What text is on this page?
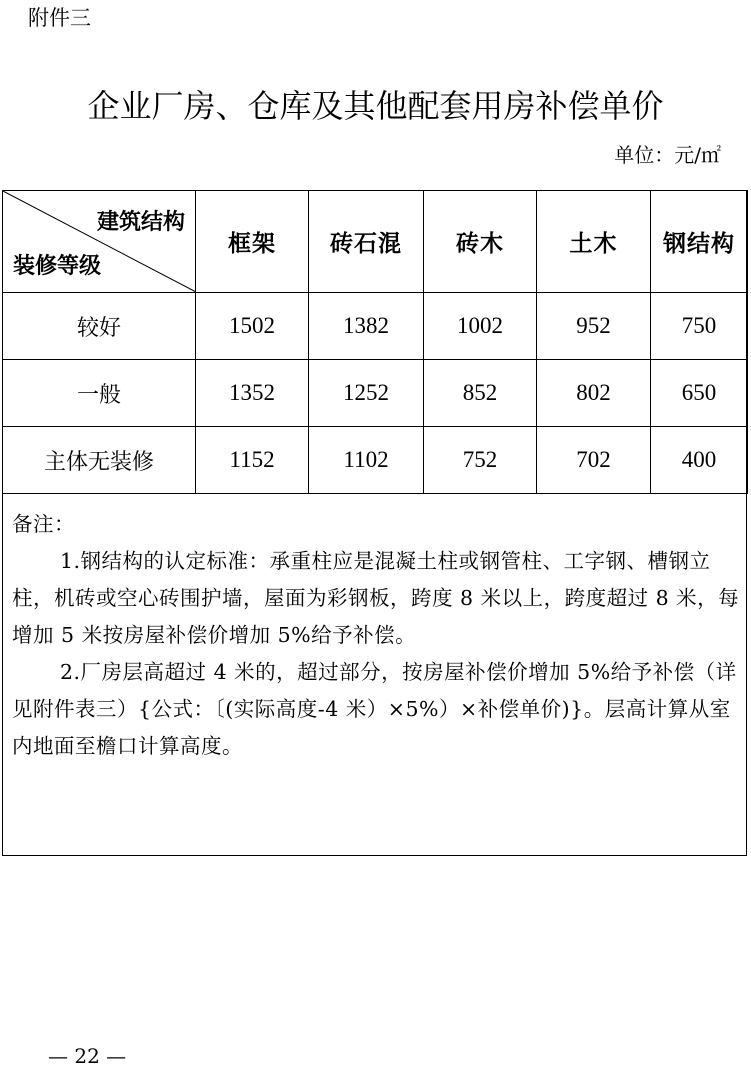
附件三
企业厂房、仓库及其他配套用房补偿单价
单位：元/㎡
建筑结构
装修等级	框架	砖石混	砖木	土木	钢结构
较好	1502	1382	1002	952	750
一般	1352	1252	852	802	650
主体无装修	1152	1102	752	702	400

备注：

1.钢结构的认定标准：承重柱应是混凝土柱或钢管柱、工字钢、槽钢立柱，机砖或空心砖围护墙，屋面为彩钢板，跨度 8 米以上，跨度超过 8 米，每增加 5 米按房屋补偿价增加 5%给予补偿。

2.厂房层高超过 4 米的，超过部分，按房屋补偿价增加 5%给予补偿（详见附件表三）{公式：〔(实际高度-4 米）×5%）×补偿单价)}。层高计算从室内地面至檐口计算高度。

— 22 —
